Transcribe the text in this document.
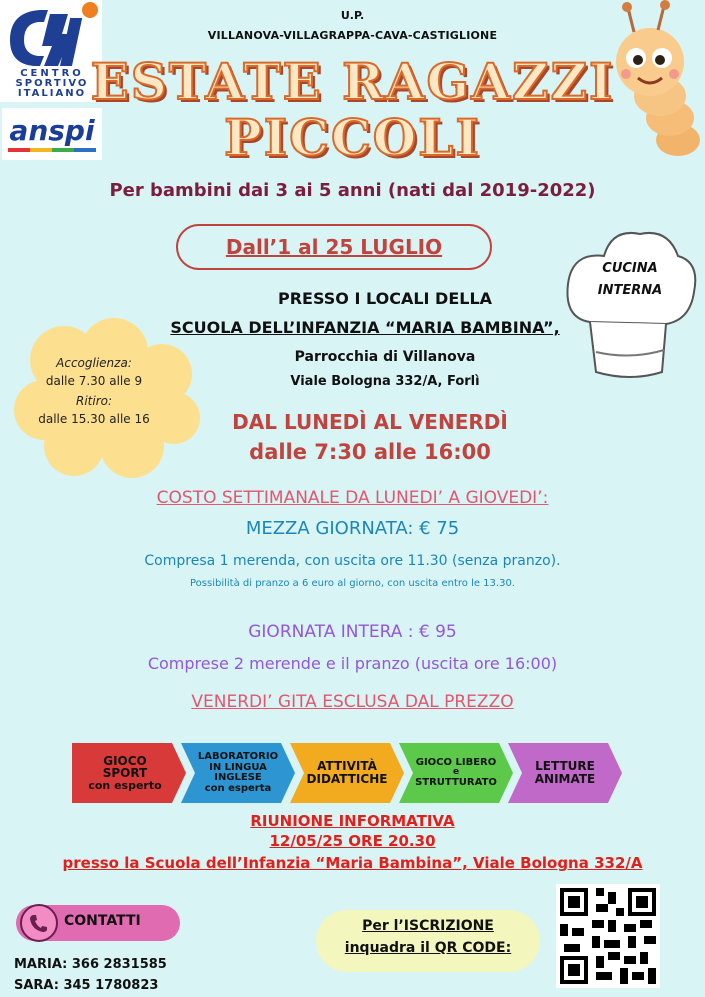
CENTRO
SPORTIVO
ITALIANO
anspi
U.P.
VILLANOVA-VILLAGRAPPA-CAVA-CASTIGLIONE
ESTATE RAGAZZI
PICCOLI
Per bambini dai 3 ai 5 anni (nati dal 2019-2022)
Dall’1 al 25 LUGLIO
CUCINA
INTERNA
Accoglienza:
dalle 7.30 alle 9
Ritiro:
dalle 15.30 alle 16
PRESSO I LOCALI DELLA
SCUOLA DELL’INFANZIA “MARIA BAMBINA”,
Parrocchia di Villanova
Viale Bologna 332/A, Forlì
DAL LUNEDÌ AL VENERDÌ
dalle 7:30 alle 16:00
COSTO SETTIMANALE DA LUNEDI’ A GIOVEDI’:
MEZZA GIORNATA: € 75
Compresa 1 merenda, con uscita ore 11.30 (senza pranzo).
Possibilità di pranzo a 6 euro al giorno, con uscita entro le 13.30.
GIORNATA INTERA : € 95
Comprese 2 merende e il pranzo (uscita ore 16:00)
VENERDI’ GITA ESCLUSA DAL PREZZO
GIOCO
SPORT
con esperto
LABORATORIO
IN LINGUA
INGLESE
con esperta
ATTIVITÀ
DIDATTICHE
GIOCO LIBERO
e
STRUTTURATO
LETTURE
ANIMATE
RIUNIONE INFORMATIVA
12/05/25 ORE 20.30
presso la Scuola dell’Infanzia “Maria Bambina”, Viale Bologna 332/A
CONTATTI
MARIA: 366 2831585
SARA: 345 1780823
Per l’ISCRIZIONE
inquadra il QR CODE:
